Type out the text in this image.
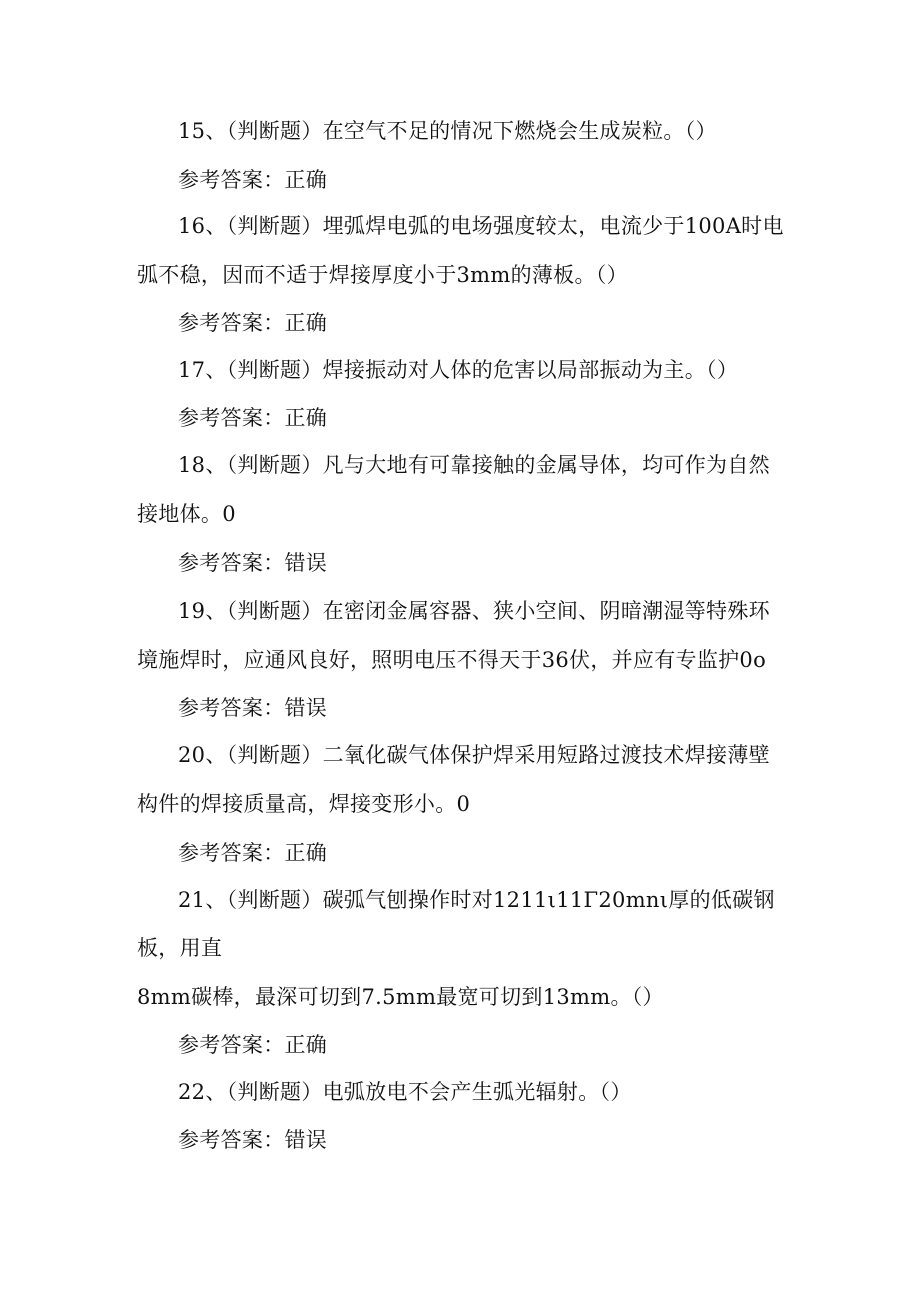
15、（判断题）在空气不足的情况下燃烧会生成炭粒。（）
参考答案：正确
16、（判断题）埋弧焊电弧的电场强度较太，电流少于100A时电
弧不稳，因而不适于焊接厚度小于3mm的薄板。（）
参考答案：正确
17、（判断题）焊接振动对人体的危害以局部振动为主。（）
参考答案：正确
18、（判断题）凡与大地有可靠接触的金属导体，均可作为自然
接地体。0
参考答案：错误
19、（判断题）在密闭金属容器、狭小空间、阴暗潮湿等特殊环
境施焊时，应通风良好，照明电压不得天于36伏，并应有专监护0o
参考答案：错误
20、（判断题）二氧化碳气体保护焊采用短路过渡技术焊接薄壁
构件的焊接质量高，焊接变形小。0
参考答案：正确
21、（判断题）碳弧气刨操作时对1211ι11Γ20mnι厚的低碳钢
板，用直
8mm碳棒，最深可切到7.5mm最宽可切到13mm。（）
参考答案：正确
22、（判断题）电弧放电不会产生弧光辐射。（）
参考答案：错误
